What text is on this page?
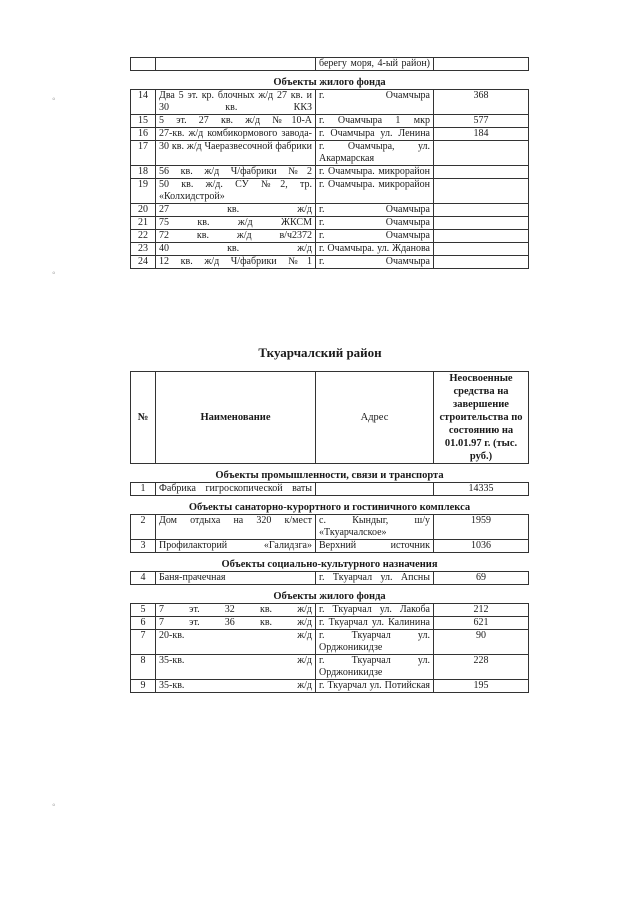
◦
◦
◦
		берегу моря, 4-ый район)	
Объекты жилого фонда			
14	Два 5 эт. кр. блочных ж/д 27 кв. и 30 кв. ККЗ	г. Очамчыра	368
15	5 эт. 27 кв. ж/д №10-А	г. Очамчыра 1 мкр	577
16	27-кв. ж/д комбикормового завода-	г. Очамчыра ул. Ленина	184
17	30 кв. ж/д Чаеразвесочной фабрики	г. Очамчыра, ул. Акармарская	
18	56 кв. ж/д Ч/фабрики №2	г. Очамчыра. микрорайон	
19	50 кв. ж/д. СУ №2, тр. «Колхидстрой»	г. Очамчыра. микрорайон	
20	27 кв. ж/д	г. Очамчыра	
21	75 кв. ж/д ЖКСМ	г. Очамчыра	
22	72 кв. ж/д в/ч2372	г. Очамчыра	
23	40 кв. ж/д	г. Очамчыра. ул. Жданова	
24	12 кв. ж/д Ч/фабрики №1	г. Очамчыра	
Ткуарчалский район
№	Наименование	Адрес	Неосвоенные средства на завершение строительства по состоянию на 01.01.97 г. (тыс. руб.)
Объекты промышленности, связи и транспорта			
1	Фабрика гигроскопической ваты		14335
Объекты санаторно-курортного и гостиничного комплекса			
2	Дом отдыха на 320 к/мест	с. Кындыг, ш/у «Ткуарчалское»	1959
3	Профилакторий «Галидзга»	Верхний источник	1036
Объекты социально-культурного назначения			
4	Баня-прачечная	г. Ткуарчал ул. Апсны	69
Объекты жилого фонда			
5	7 эт. 32 кв. ж/д	г. Ткуарчал ул. Лакоба	212
6	7 эт. 36 кв. ж/д	г. Ткуарчал ул. Калинина	621
7	20-кв. ж/д	г. Ткуарчал ул. Орджоникидзе	90
8	35-кв. ж/д	г. Ткуарчал ул. Орджоникидзе	228
9	35-кв. ж/д	г. Ткуарчал ул. Потийская	195
